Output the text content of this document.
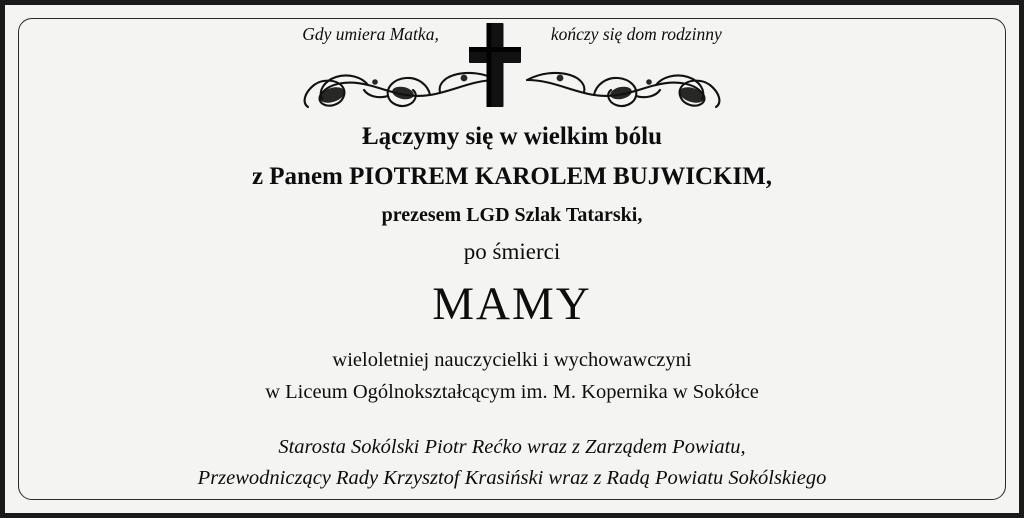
Gdy umiera Matka,	kończy się dom rodzinny
Łączymy się w wielkim bólu
z Panem PIOTREM KAROLEM BUJWICKIM,
prezesem LGD Szlak Tatarski,
po śmierci
MAMY
wieloletniej nauczycielki i wychowawczyni
w Liceum Ogólnokształcącym im. M. Kopernika w Sokółce
Starosta Sokólski Piotr Rećko wraz z Zarządem Powiatu,
Przewodniczący Rady Krzysztof Krasiński wraz z Radą Powiatu Sokólskiego
